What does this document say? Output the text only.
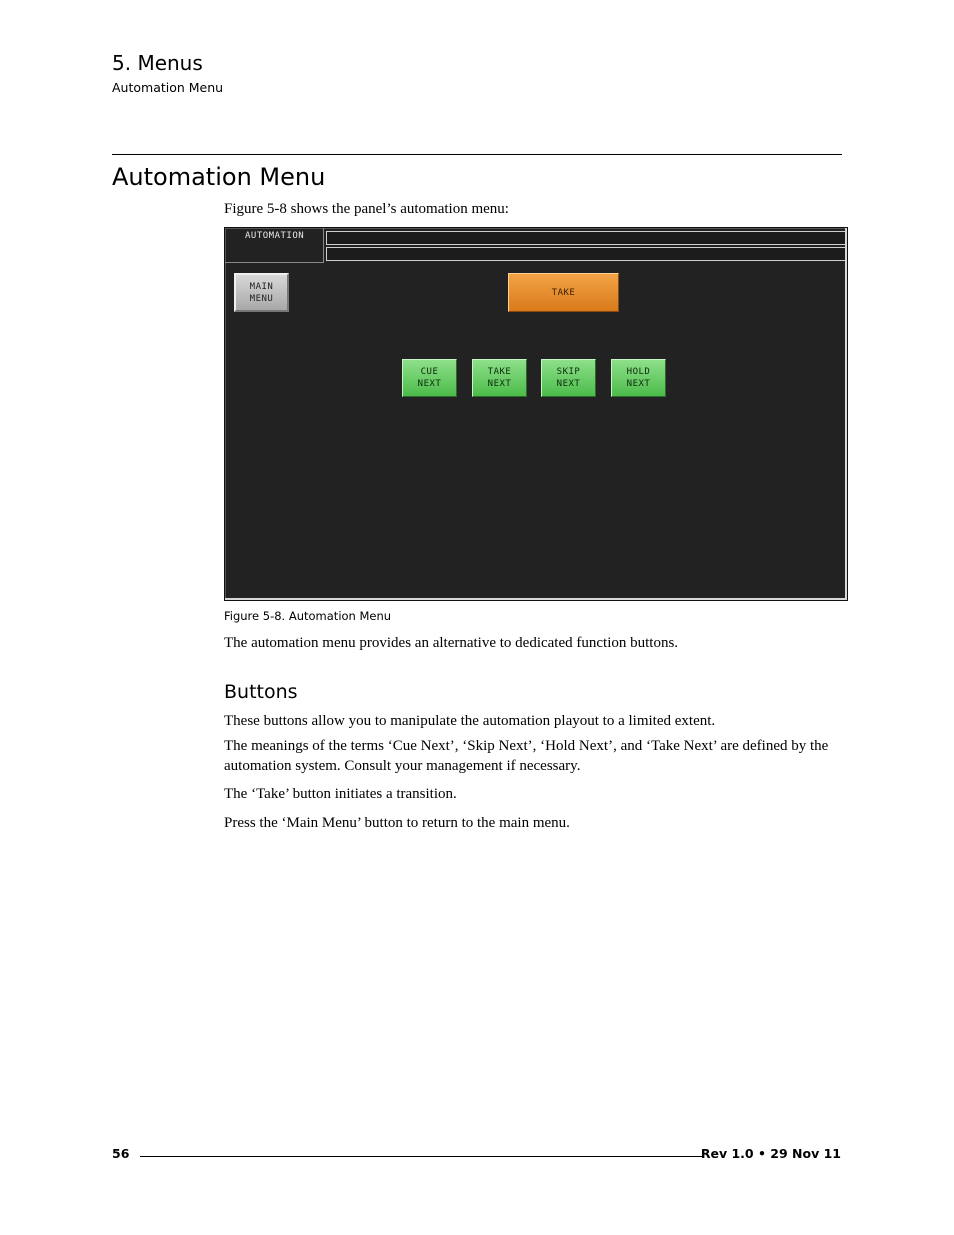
5. Menus
Automation Menu
Automation Menu
Figure 5-8 shows the panel’s automation menu:
AUTOMATION
MAIN
MENU
TAKE
CUE
NEXT
TAKE
NEXT
SKIP
NEXT
HOLD
NEXT
Figure 5-8. Automation Menu
The automation menu provides an alternative to dedicated function buttons.
Buttons
These buttons allow you to manipulate the automation playout to a limited extent.
The meanings of the terms ‘Cue Next’, ‘Skip Next’, ‘Hold Next’, and ‘Take Next’ are defined by the automation system. Consult your management if necessary.
The ‘Take’ button initiates a transition.
Press the ‘Main Menu’ button to return to the main menu.
56	Rev 1.0 • 29 Nov 11
